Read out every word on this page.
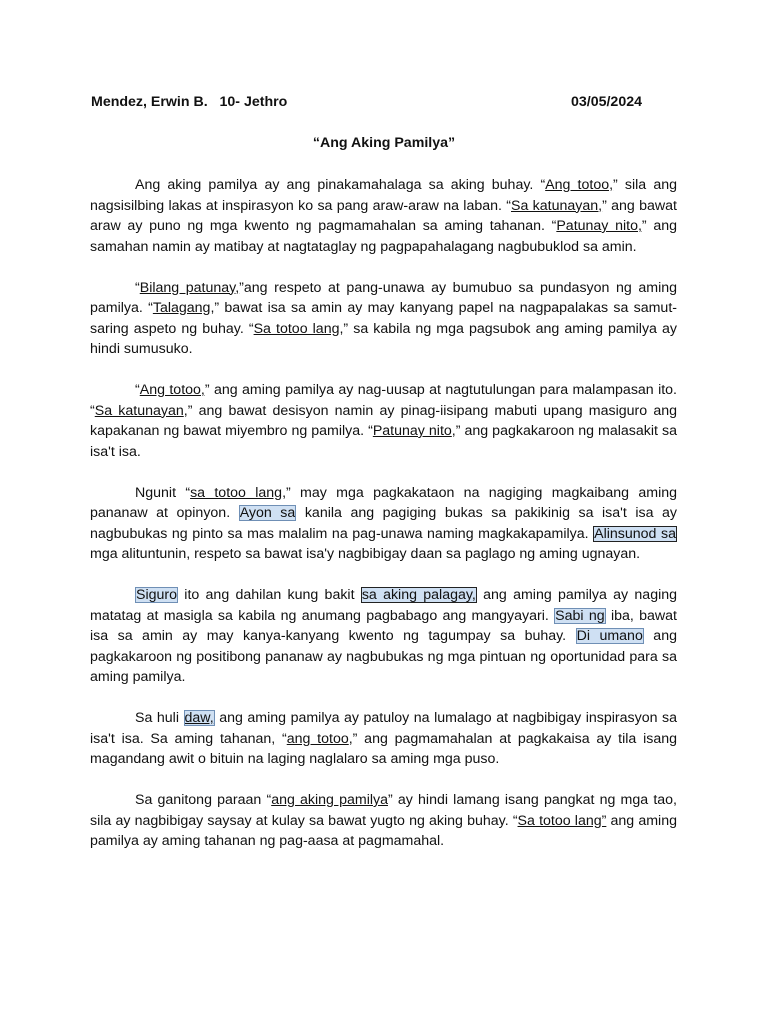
Mendez, Erwin B. 10- Jethro	03/05/2024
“Ang Aking Pamilya”

Ang aking pamilya ay ang pinakamahalaga sa aking buhay. “Ang totoo,” sila ang nagsisilbing lakas at inspirasyon ko sa pang araw-araw na laban. “Sa katunayan,” ang bawat araw ay puno ng mga kwento ng pagmamahalan sa aming tahanan. “Patunay nito,” ang samahan namin ay matibay at nagtataglay ng pagpapahalagang nagbubuklod sa amin.

“Bilang patunay,”ang respeto at pang-unawa ay bumubuo sa pundasyon ng aming pamilya. “Talagang,” bawat isa sa amin ay may kanyang papel na nagpapalakas sa samut-saring aspeto ng buhay. “Sa totoo lang,” sa kabila ng mga pagsubok ang aming pamilya ay hindi sumusuko.

“Ang totoo,” ang aming pamilya ay nag-uusap at nagtutulungan para malampasan ito. “Sa katunayan,” ang bawat desisyon namin ay pinag-iisipang mabuti upang masiguro ang kapakanan ng bawat miyembro ng pamilya. “Patunay nito,” ang pagkakaroon ng malasakit sa isa't isa.

Ngunit “sa totoo lang,” may mga pagkakataon na nagiging magkaibang aming pananaw at opinyon. Ayon sa kanila ang pagiging bukas sa pakikinig sa isa't isa ay nagbubukas ng pinto sa mas malalim na pag-unawa naming magkakapamilya. Alinsunod sa mga alituntunin, respeto sa bawat isa'y nagbibigay daan sa paglago ng aming ugnayan.

Siguro ito ang dahilan kung bakit sa aking palagay, ang aming pamilya ay naging matatag at masigla sa kabila ng anumang pagbabago ang mangyayari. Sabi ng iba, bawat isa sa amin ay may kanya-kanyang kwento ng tagumpay sa buhay. Di umano ang pagkakaroon ng positibong pananaw ay nagbubukas ng mga pintuan ng oportunidad para sa aming pamilya.

Sa huli daw, ang aming pamilya ay patuloy na lumalago at nagbibigay inspirasyon sa isa't isa. Sa aming tahanan, “ang totoo,” ang pagmamahalan at pagkakaisa ay tila isang magandang awit o bituin na laging naglalaro sa aming mga puso.

Sa ganitong paraan “ang aking pamilya” ay hindi lamang isang pangkat ng mga tao, sila ay nagbibigay saysay at kulay sa bawat yugto ng aking buhay. “Sa totoo lang” ang aming pamilya ay aming tahanan ng pag-aasa at pagmamahal.
